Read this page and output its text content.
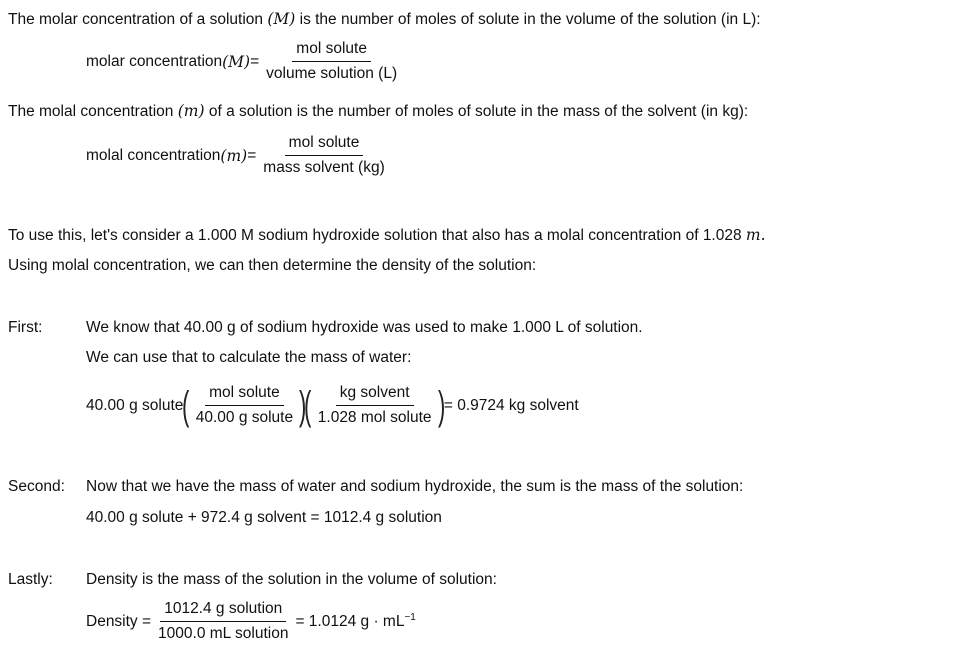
The molar concentration of a solution (M) is the number of moles of solute in the volume of the solution (in L):
molar concentration $(M) = \frac{\text{mol solute}}{\text{volume solution (L)}}$
The molal concentration (m) of a solution is the number of moles of solute in the mass of the solvent (in kg):
molal concentration $(m) = \frac{\text{mol solute}}{\text{mass solvent (kg)}}$
To use this, let's consider a 1.000 M sodium hydroxide solution that also has a molal concentration of 1.028 m.
Using molal concentration, we can then determine the density of the solution:
First:	We know that 40.00 g of sodium hydroxide was used to make 1.000 L of solution.
We can use that to calculate the mass of water:
40.00 g solute
( $\frac{\text{mol solute}}{\text{40.00 g solute}}$ )
( $\frac{\text{kg solvent}}{\text{1.028 mol solute}}$ )
= 0.9724 kg solvent
Second: Now that we have the mass of water and sodium hydroxide, the sum is the mass of the solution:
40.00 g solute + 972.4 g solvent = 1012.4 g solution
Lastly: Density is the mass of the solution in the volume of solution:
Density = $\frac{\text{1012.4 g solution}}{\text{1000.0 mL solution}} = 1.0124$ $g \cdot mL^{-1}$
